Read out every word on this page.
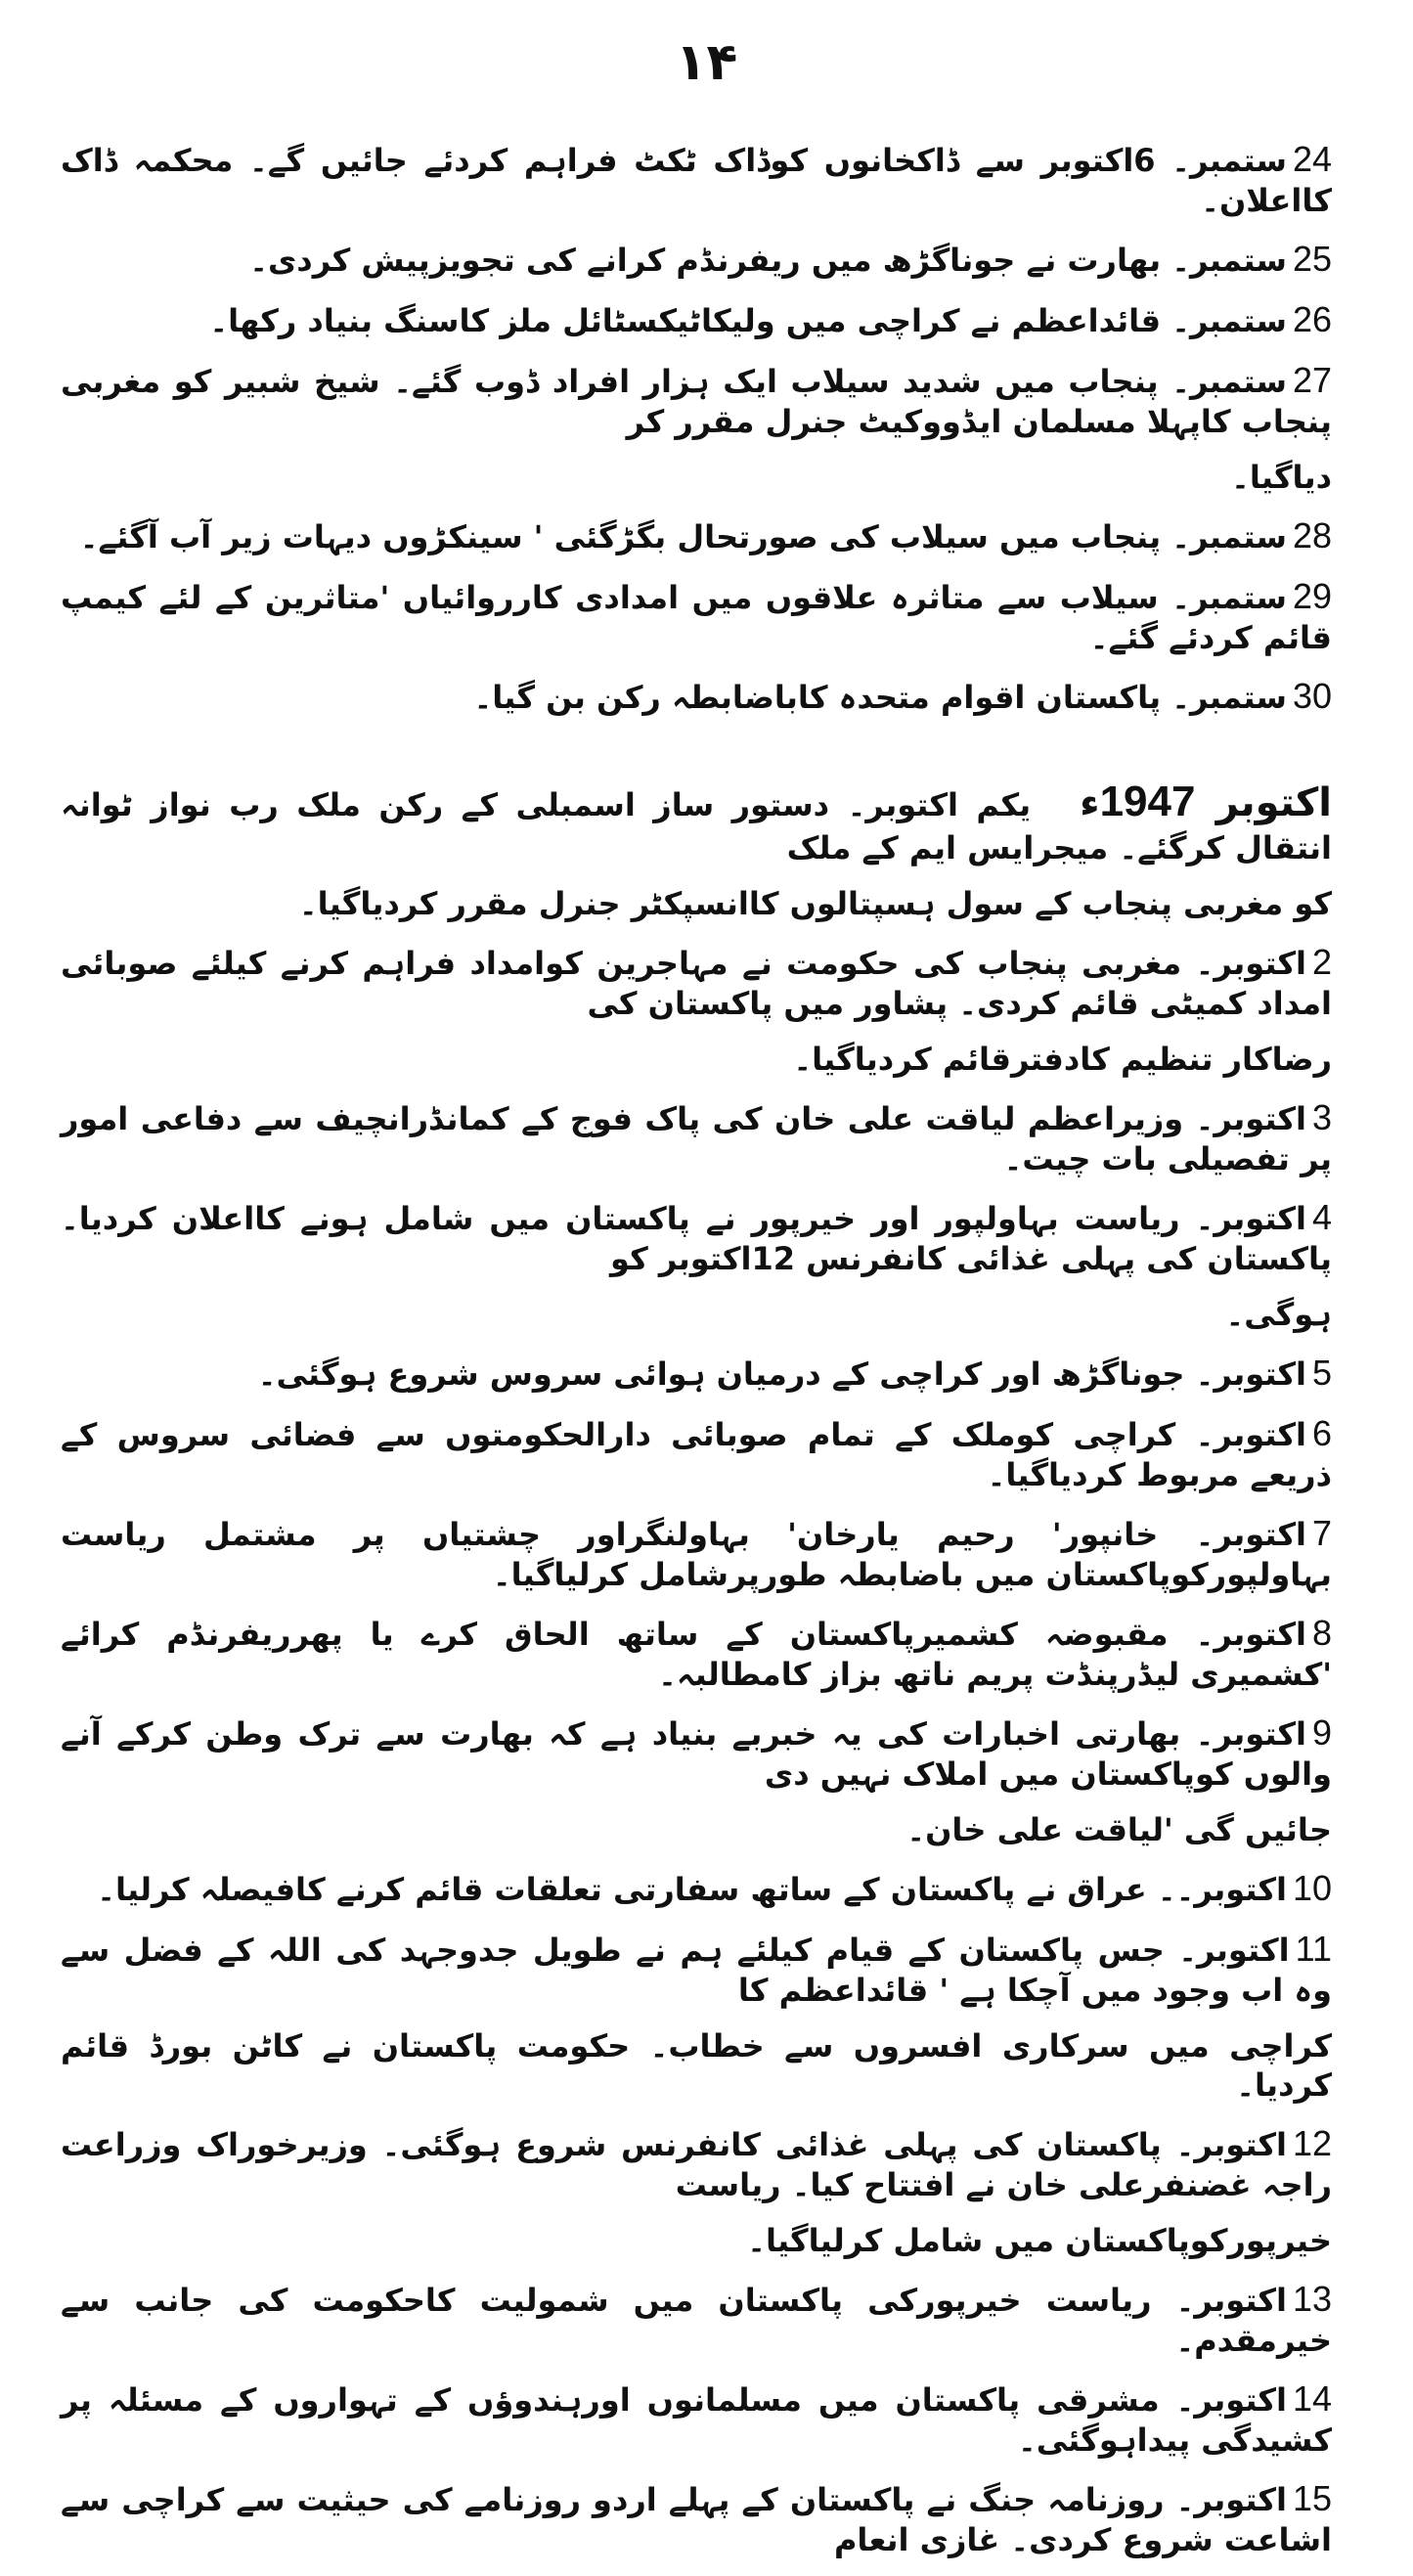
۱۴
24ستمبر۔ 6اکتوبر سے ڈاکخانوں کوڈاک ٹکٹ فراہم کردئے جائیں گے۔ محکمہ ڈاک کااعلان۔
25ستمبر۔ بھارت نے جوناگڑھ میں ریفرنڈم کرانے کی تجویزپیش کردی۔
26ستمبر۔ قائداعظم نے کراچی میں ولیکاٹیکسٹائل ملز کاسنگ بنیاد رکھا۔
27ستمبر۔ پنجاب میں شدید سیلاب ایک ہزار افراد ڈوب گئے۔ شیخ شبیر کو مغربی پنجاب کاپہلا مسلمان ایڈووکیٹ جنرل مقرر کر
دیاگیا۔
28ستمبر۔ پنجاب میں سیلاب کی صورتحال بگڑگئی ' سینکڑوں دیہات زیر آب آگئے۔
29ستمبر۔ سیلاب سے متاثرہ علاقوں میں امدادی کارروائیاں 'متاثرین کے لئے کیمپ قائم کردئے گئے۔
30ستمبر۔ پاکستان اقوام متحدہ کاباضابطہ رکن بن گیا۔
اکتوبر 1947ءیکم اکتوبر۔ دستور ساز اسمبلی کے رکن ملک رب نواز ٹوانہ انتقال کرگئے۔ میجرایس ایم کے ملک
کو مغربی پنجاب کے سول ہسپتالوں کاانسپکٹر جنرل مقرر کردیاگیا۔
2اکتوبر۔ مغربی پنجاب کی حکومت نے مہاجرین کوامداد فراہم کرنے کیلئے صوبائی امداد کمیٹی قائم کردی۔ پشاور میں پاکستان کی
رضاکار تنظیم کادفترقائم کردیاگیا۔
3اکتوبر۔ وزیراعظم لیاقت علی خان کی پاک فوج کے کمانڈرانچیف سے دفاعی امور پر تفصیلی بات چیت۔
4اکتوبر۔ ریاست بہاولپور اور خیرپور نے پاکستان میں شامل ہونے کااعلان کردیا۔ پاکستان کی پہلی غذائی کانفرنس 12اکتوبر کو
ہوگی۔
5اکتوبر۔ جوناگڑھ اور کراچی کے درمیان ہوائی سروس شروع ہوگئی۔
6اکتوبر۔ کراچی کوملک کے تمام صوبائی دارالحکومتوں سے فضائی سروس کے ذریعے مربوط کردیاگیا۔
7اکتوبر۔ خانپور' رحیم یارخان' بہاولنگراور چشتیاں پر مشتمل ریاست بہاولپورکوپاکستان میں باضابطہ طورپرشامل کرلیاگیا۔
8اکتوبر۔ مقبوضہ کشمیرپاکستان کے ساتھ الحاق کرے یا پھرریفرنڈم کرائے 'کشمیری لیڈرپنڈت پریم ناتھ بزاز کامطالبہ۔
9اکتوبر۔ بھارتی اخبارات کی یہ خبربے بنیاد ہے کہ بھارت سے ترک وطن کرکے آنے والوں کوپاکستان میں املاک نہیں دی
جائیں گی 'لیاقت علی خان۔
10اکتوبر۔۔ عراق نے پاکستان کے ساتھ سفارتی تعلقات قائم کرنے کافیصلہ کرلیا۔
11اکتوبر۔ جس پاکستان کے قیام کیلئے ہم نے طویل جدوجہد کی اللہ کے فضل سے وہ اب وجود میں آچکا ہے ' قائداعظم کا
کراچی میں سرکاری افسروں سے خطاب۔ حکومت پاکستان نے کاٹن بورڈ قائم کردیا۔
12اکتوبر۔ پاکستان کی پہلی غذائی کانفرنس شروع ہوگئی۔ وزیرخوراک وزراعت راجہ غضنفرعلی خان نے افتتاح کیا۔ ریاست
خیرپورکوپاکستان میں شامل کرلیاگیا۔
13اکتوبر۔ ریاست خیرپورکی پاکستان میں شمولیت کاحکومت کی جانب سے خیرمقدم۔
14اکتوبر۔ مشرقی پاکستان میں مسلمانوں اورہندوؤں کے تہواروں کے مسئلہ پر کشیدگی پیداہوگئی۔
15اکتوبر۔ روزنامہ جنگ نے پاکستان کے پہلے اردو روزنامے کی حیثیت سے کراچی سے اشاعت شروع کردی۔ غازی انعام
